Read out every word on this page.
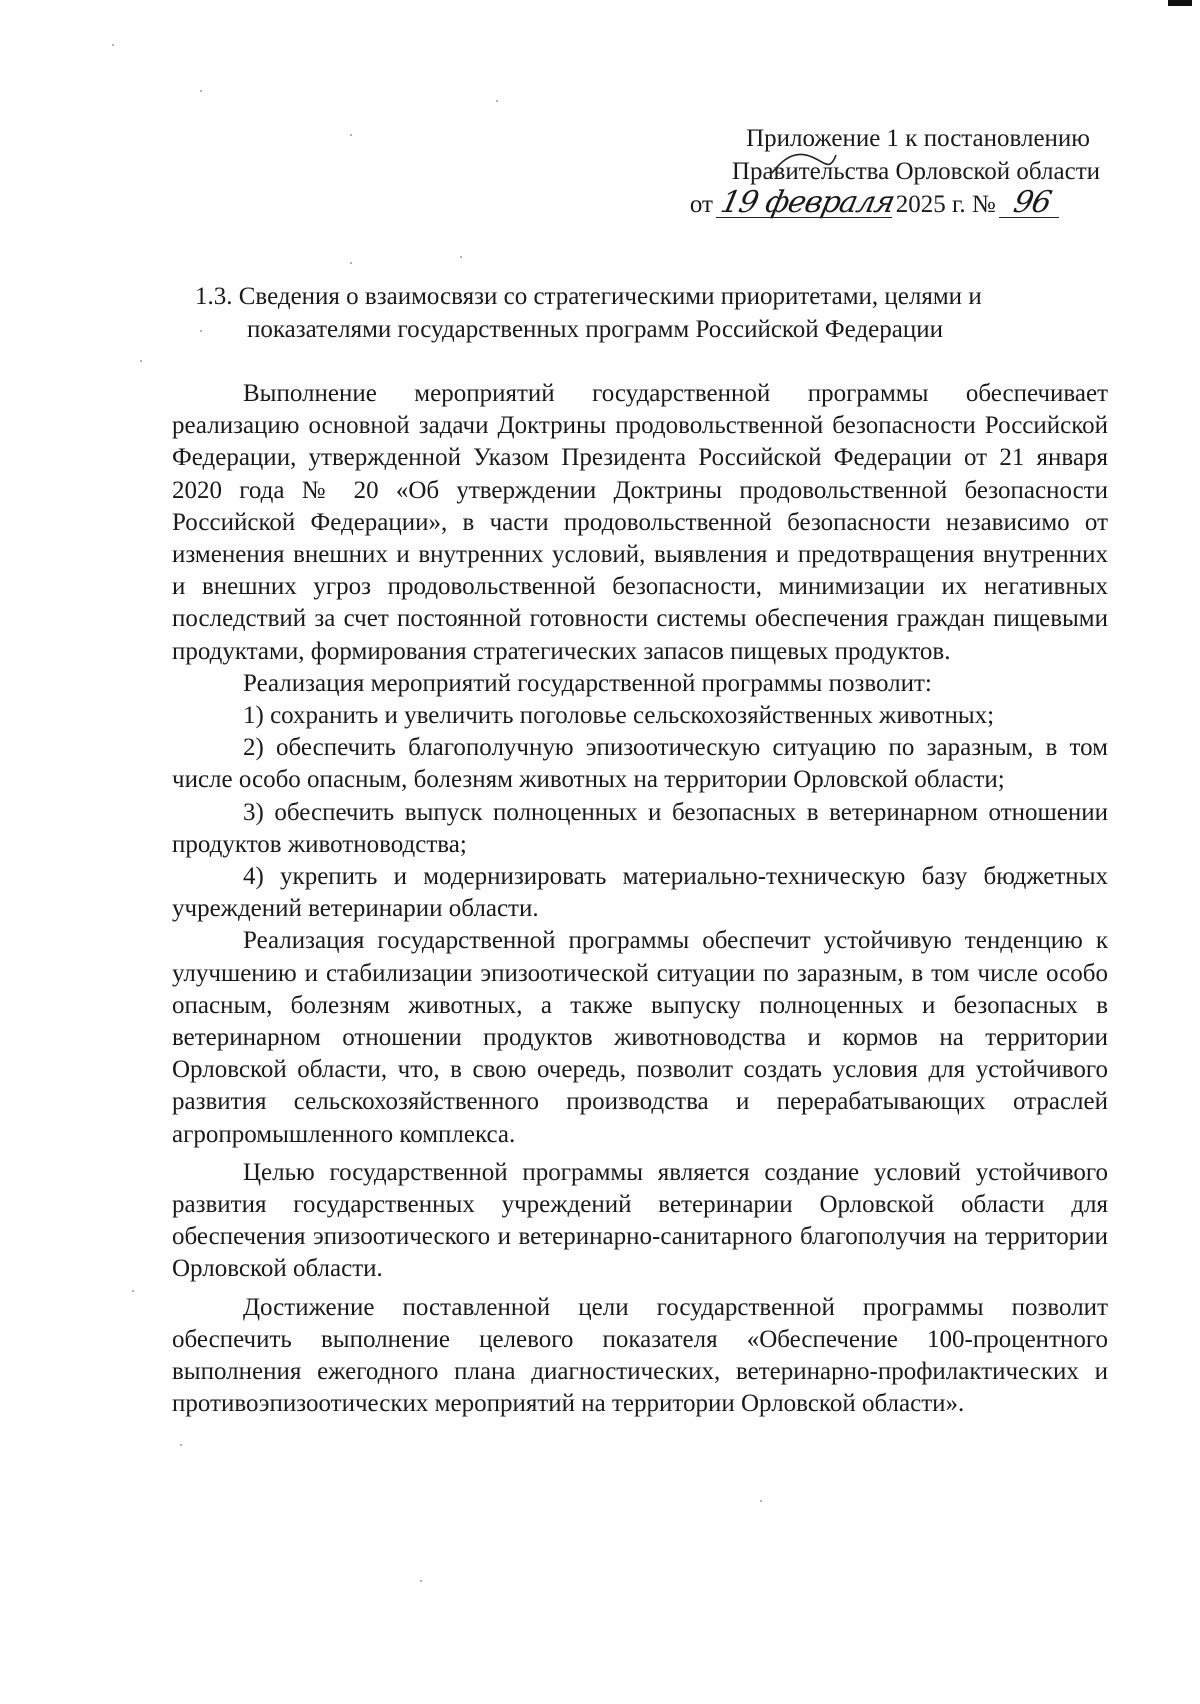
Приложение 1 к постановлению
Правительства Орловской области
от 19 февраля2025 г. № 96
1.3. Сведения о взаимосвязи со стратегическими приоритетами, целями и
показателями государственных программ Российской Федерации

Выполнение мероприятий государственной программы обеспечивает реализацию основной задачи Доктрины продовольственной безопасности Российской Федерации, утвержденной Указом Президента Российской Федерации от 21 января 2020 года № 20 «Об утверждении Доктрины продовольственной безопасности Российской Федерации», в части продовольственной безопасности независимо от изменения внешних и внутренних условий, выявления и предотвращения внутренних и внешних угроз продовольственной безопасности, минимизации их негативных последствий за счет постоянной готовности системы обеспечения граждан пищевыми продуктами, формирования стратегических запасов пищевых продуктов.

Реализация мероприятий государственной программы позволит:

1) сохранить и увеличить поголовье сельскохозяйственных животных;

2) обеспечить благополучную эпизоотическую ситуацию по заразным, в том числе особо опасным, болезням животных на территории Орловской области;

3) обеспечить выпуск полноценных и безопасных в ветеринарном отношении продуктов животноводства;

4) укрепить и модернизировать материально-техническую базу бюджетных учреждений ветеринарии области.

Реализация государственной программы обеспечит устойчивую тенденцию к улучшению и стабилизации эпизоотической ситуации по заразным, в том числе особо опасным, болезням животных, а также выпуску полноценных и безопасных в ветеринарном отношении продуктов животноводства и кормов на территории Орловской области, что, в свою очередь, позволит создать условия для устойчивого развития сельскохозяйственного производства и перерабатывающих отраслей агропромышленного комплекса.

Целью государственной программы является создание условий устойчивого развития государственных учреждений ветеринарии Орловской области для обеспечения эпизоотического и ветеринарно-санитарного благополучия на территории Орловской области.

Достижение поставленной цели государственной программы позволит обеспечить выполнение целевого показателя «Обеспечение 100-процентного выполнения ежегодного плана диагностических, ветеринарно-профилактических и противоэпизоотических мероприятий на территории Орловской области».
